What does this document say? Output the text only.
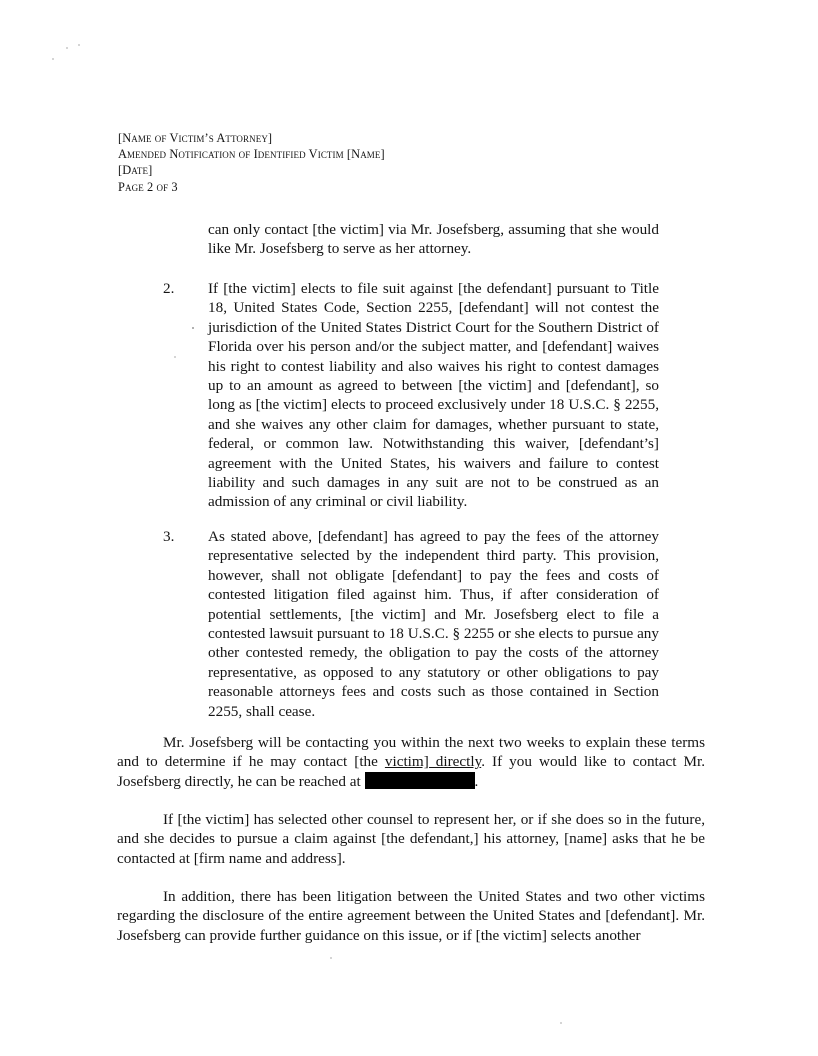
[Name of Victim’s Attorney]
Amended Notification of Identified Victim [Name]
[Date]
Page 2 of 3

can only contact [the victim] via Mr. Josefsberg, assuming that she would like Mr. Josefsberg to serve as her attorney.

2. If [the victim] elects to file suit against [the defendant] pursuant to Title 18, United States Code, Section 2255, [defendant] will not contest the jurisdiction of the United States District Court for the Southern District of Florida over his person and/or the subject matter, and [defendant] waives his right to contest liability and also waives his right to contest damages up to an amount as agreed to between [the victim] and [defendant], so long as [the victim] elects to proceed exclusively under 18 U.S.C. § 2255, and she waives any other claim for damages, whether pursuant to state, federal, or common law. Notwithstanding this waiver, [defendant’s] agreement with the United States, his waivers and failure to contest liability and such damages in any suit are not to be construed as an admission of any criminal or civil liability.

3. As stated above, [defendant] has agreed to pay the fees of the attorney representative selected by the independent third party. This provision, however, shall not obligate [defendant] to pay the fees and costs of contested litigation filed against him. Thus, if after consideration of potential settlements, [the victim] and Mr. Josefsberg elect to file a contested lawsuit pursuant to 18 U.S.C. § 2255 or she elects to pursue any other contested remedy, the obligation to pay the costs of the attorney representative, as opposed to any statutory or other obligations to pay reasonable attorneys fees and costs such as those contained in Section 2255, shall cease.

Mr. Josefsberg will be contacting you within the next two weeks to explain these terms and to determine if he may contact [the victim] directly. If you would like to contact Mr. Josefsberg directly, he can be reached at	.

If [the victim] has selected other counsel to represent her, or if she does so in the future, and she decides to pursue a claim against [the defendant,] his attorney, [name] asks that he be contacted at [firm name and address].

In addition, there has been litigation between the United States and two other victims regarding the disclosure of the entire agreement between the United States and [defendant]. Mr. Josefsberg can provide further guidance on this issue, or if [the victim] selects another
